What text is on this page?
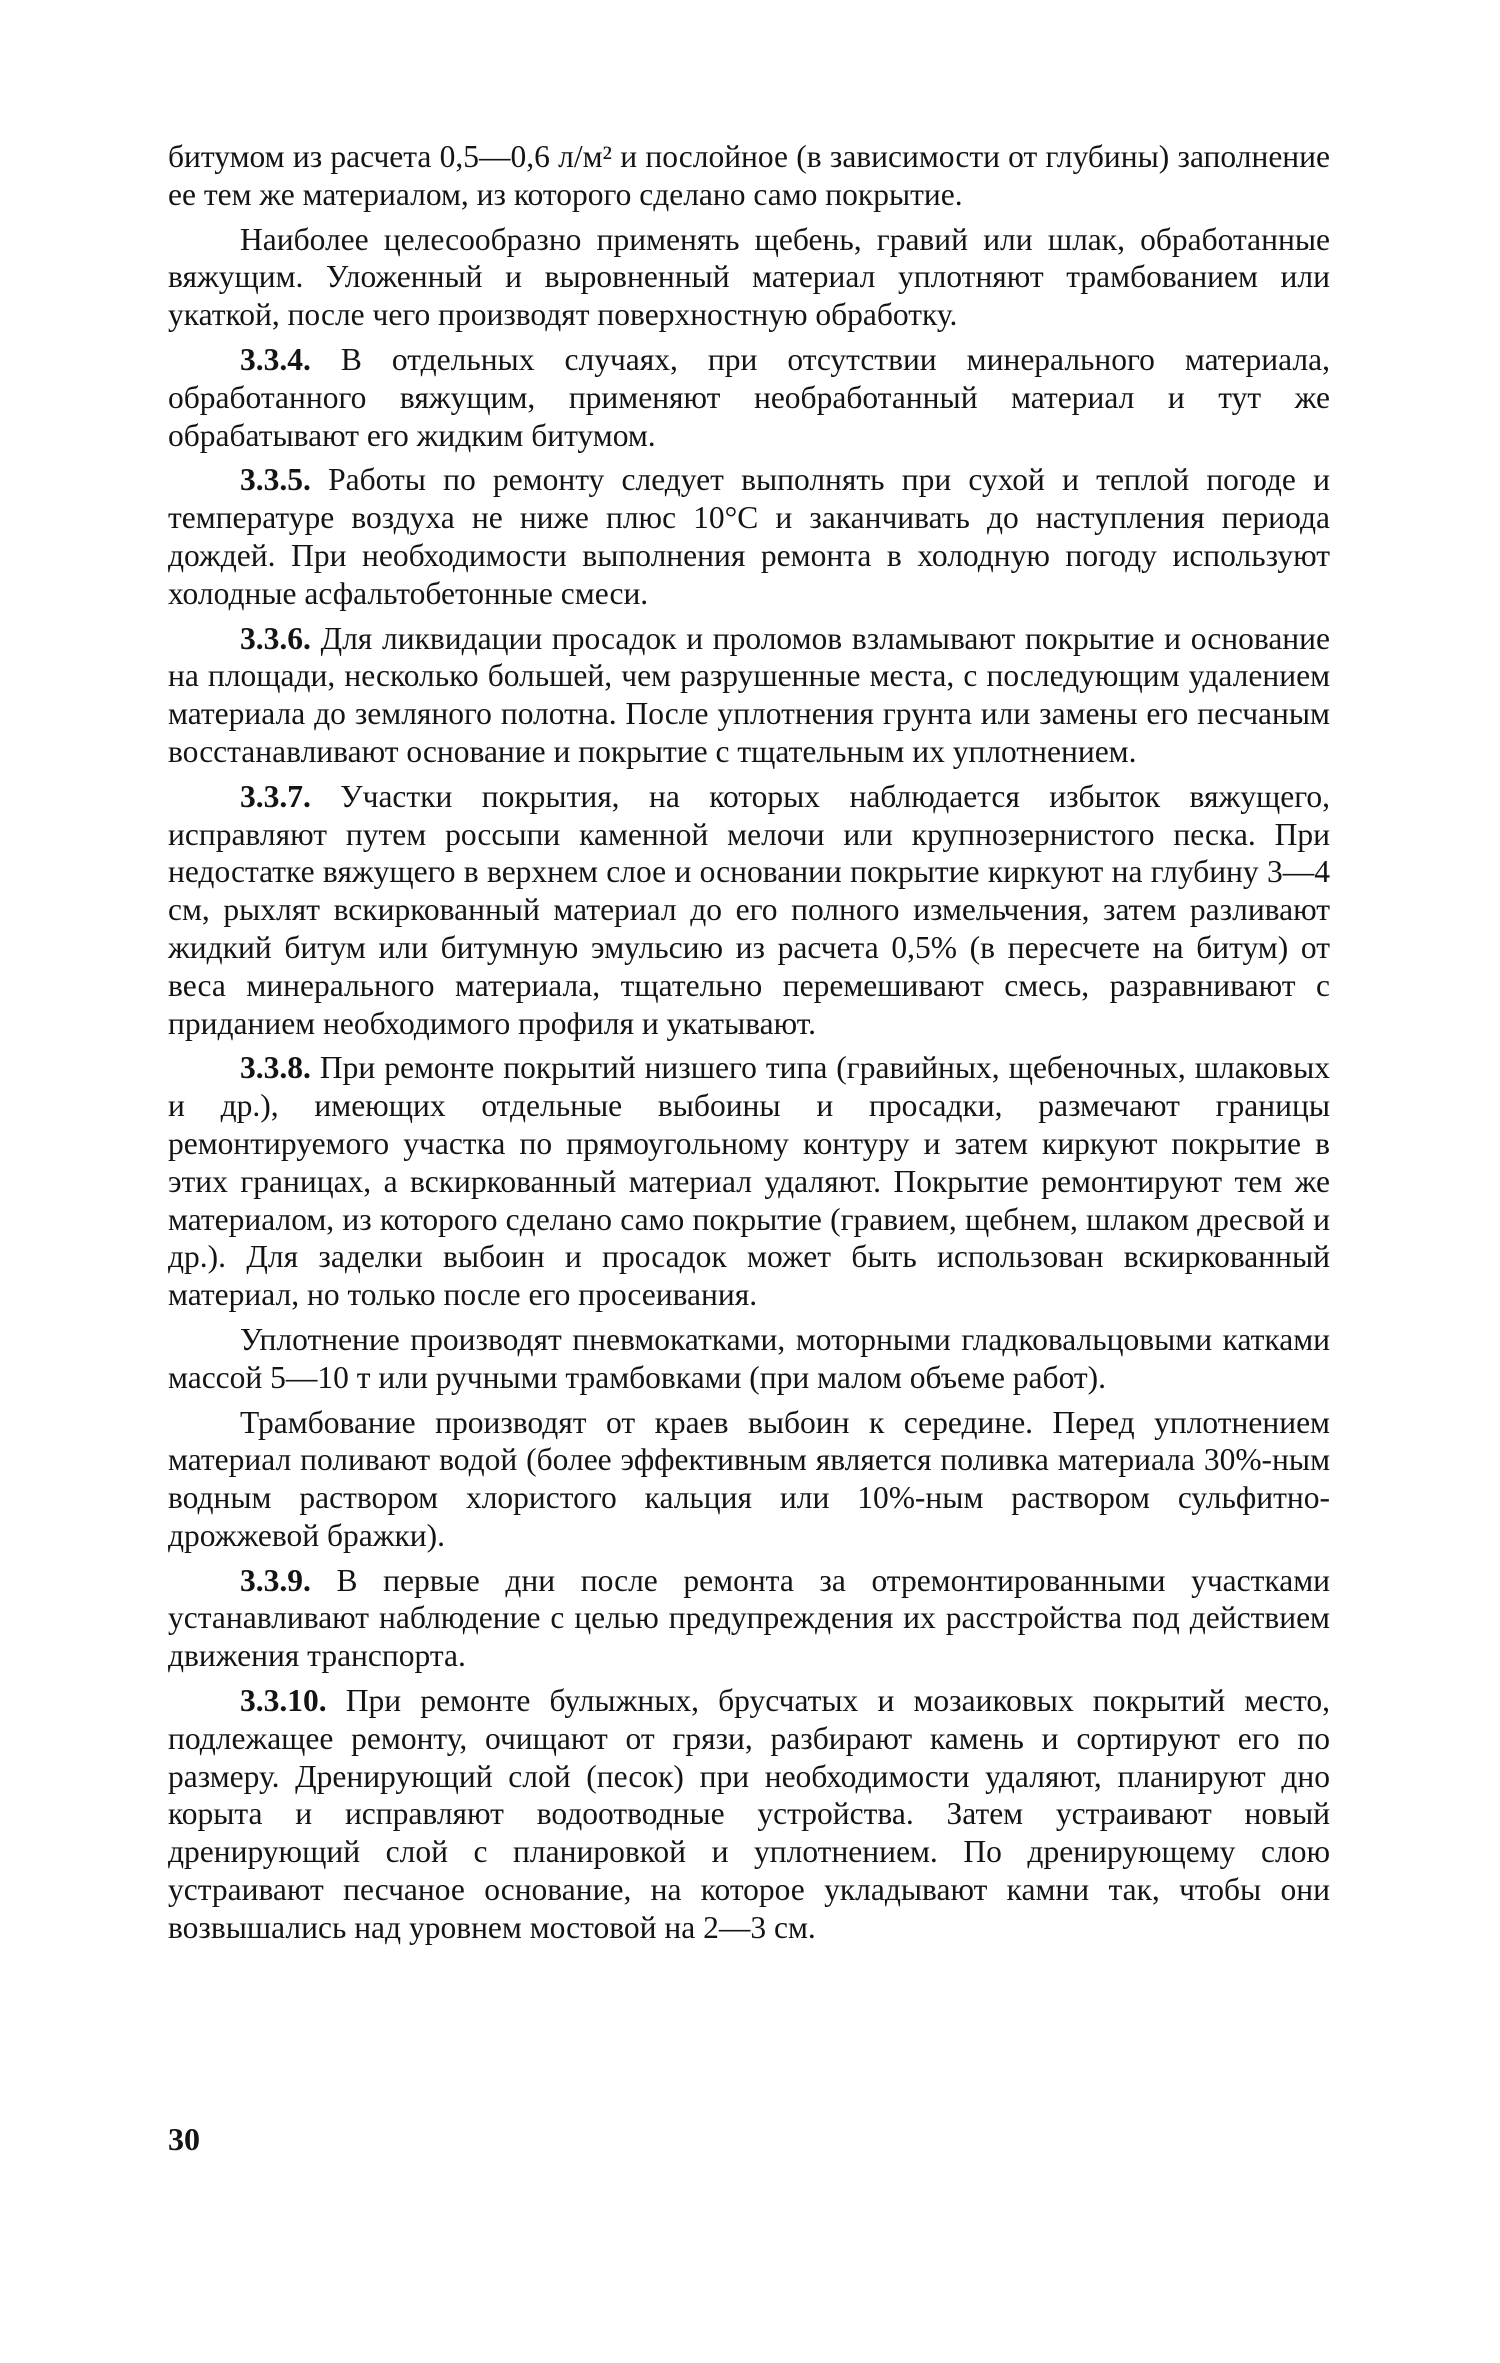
битумом из расчета 0,5—0,6 л/м² и послойное (в зависимости от глубины) заполнение ее тем же материалом, из которого сделано само покрытие.

Наиболее целесообразно применять щебень, гравий или шлак, обработанные вяжущим. Уложенный и выровненный материал уплотняют трамбованием или укаткой, после чего производят поверхностную обработку.

3.3.4. В отдельных случаях, при отсутствии минерального материала, обработанного вяжущим, применяют необработанный материал и тут же обрабатывают его жидким битумом.

3.3.5. Работы по ремонту следует выполнять при сухой и теплой погоде и температуре воздуха не ниже плюс 10°С и заканчивать до наступления периода дождей. При необходимости выполнения ремонта в холодную погоду используют холодные асфальтобетонные смеси.

3.3.6. Для ликвидации просадок и проломов взламывают покрытие и основание на площади, несколько большей, чем разрушенные места, с последующим удалением материала до земляного полотна. После уплотнения грунта или замены его песчаным восстанавливают основание и покрытие с тщательным их уплотнением.

3.3.7. Участки покрытия, на которых наблюдается избыток вяжущего, исправляют путем россыпи каменной мелочи или крупнозернистого песка. При недостатке вяжущего в верхнем слое и основании покрытие киркуют на глубину 3—4 см, рыхлят вскиркованный материал до его полного измельчения, затем разливают жидкий битум или битумную эмульсию из расчета 0,5% (в пересчете на битум) от веса минерального материала, тщательно перемешивают смесь, разравнивают с приданием необходимого профиля и укатывают.

3.3.8. При ремонте покрытий низшего типа (гравийных, щебеночных, шлаковых и др.), имеющих отдельные выбоины и просадки, размечают границы ремонтируемого участка по прямоугольному контуру и затем киркуют покрытие в этих границах, а вскиркованный материал удаляют. Покрытие ремонтируют тем же материалом, из которого сделано само покрытие (гравием, щебнем, шлаком дресвой и др.). Для заделки выбоин и просадок может быть использован вскиркованный материал, но только после его просеивания.

Уплотнение производят пневмокатками, моторными гладковальцовыми катками массой 5—10 т или ручными трамбовками (при малом объеме работ).

Трамбование производят от краев выбоин к середине. Перед уплотнением материал поливают водой (более эффективным является поливка материала 30%-ным водным раствором хлористого кальция или 10%-ным раствором сульфитно-дрожжевой бражки).

3.3.9. В первые дни после ремонта за отремонтированными участками устанавливают наблюдение с целью предупреждения их расстройства под действием движения транспорта.

3.3.10. При ремонте булыжных, брусчатых и мозаиковых покрытий место, подлежащее ремонту, очищают от грязи, разбирают камень и сортируют его по размеру. Дренирующий слой (песок) при необходимости удаляют, планируют дно корыта и исправляют водоотводные устройства. Затем устраивают новый дренирующий слой с планировкой и уплотнением. По дренирующему слою устраивают песчаное основание, на которое укладывают камни так, чтобы они возвышались над уровнем мостовой на 2—3 см.

30
